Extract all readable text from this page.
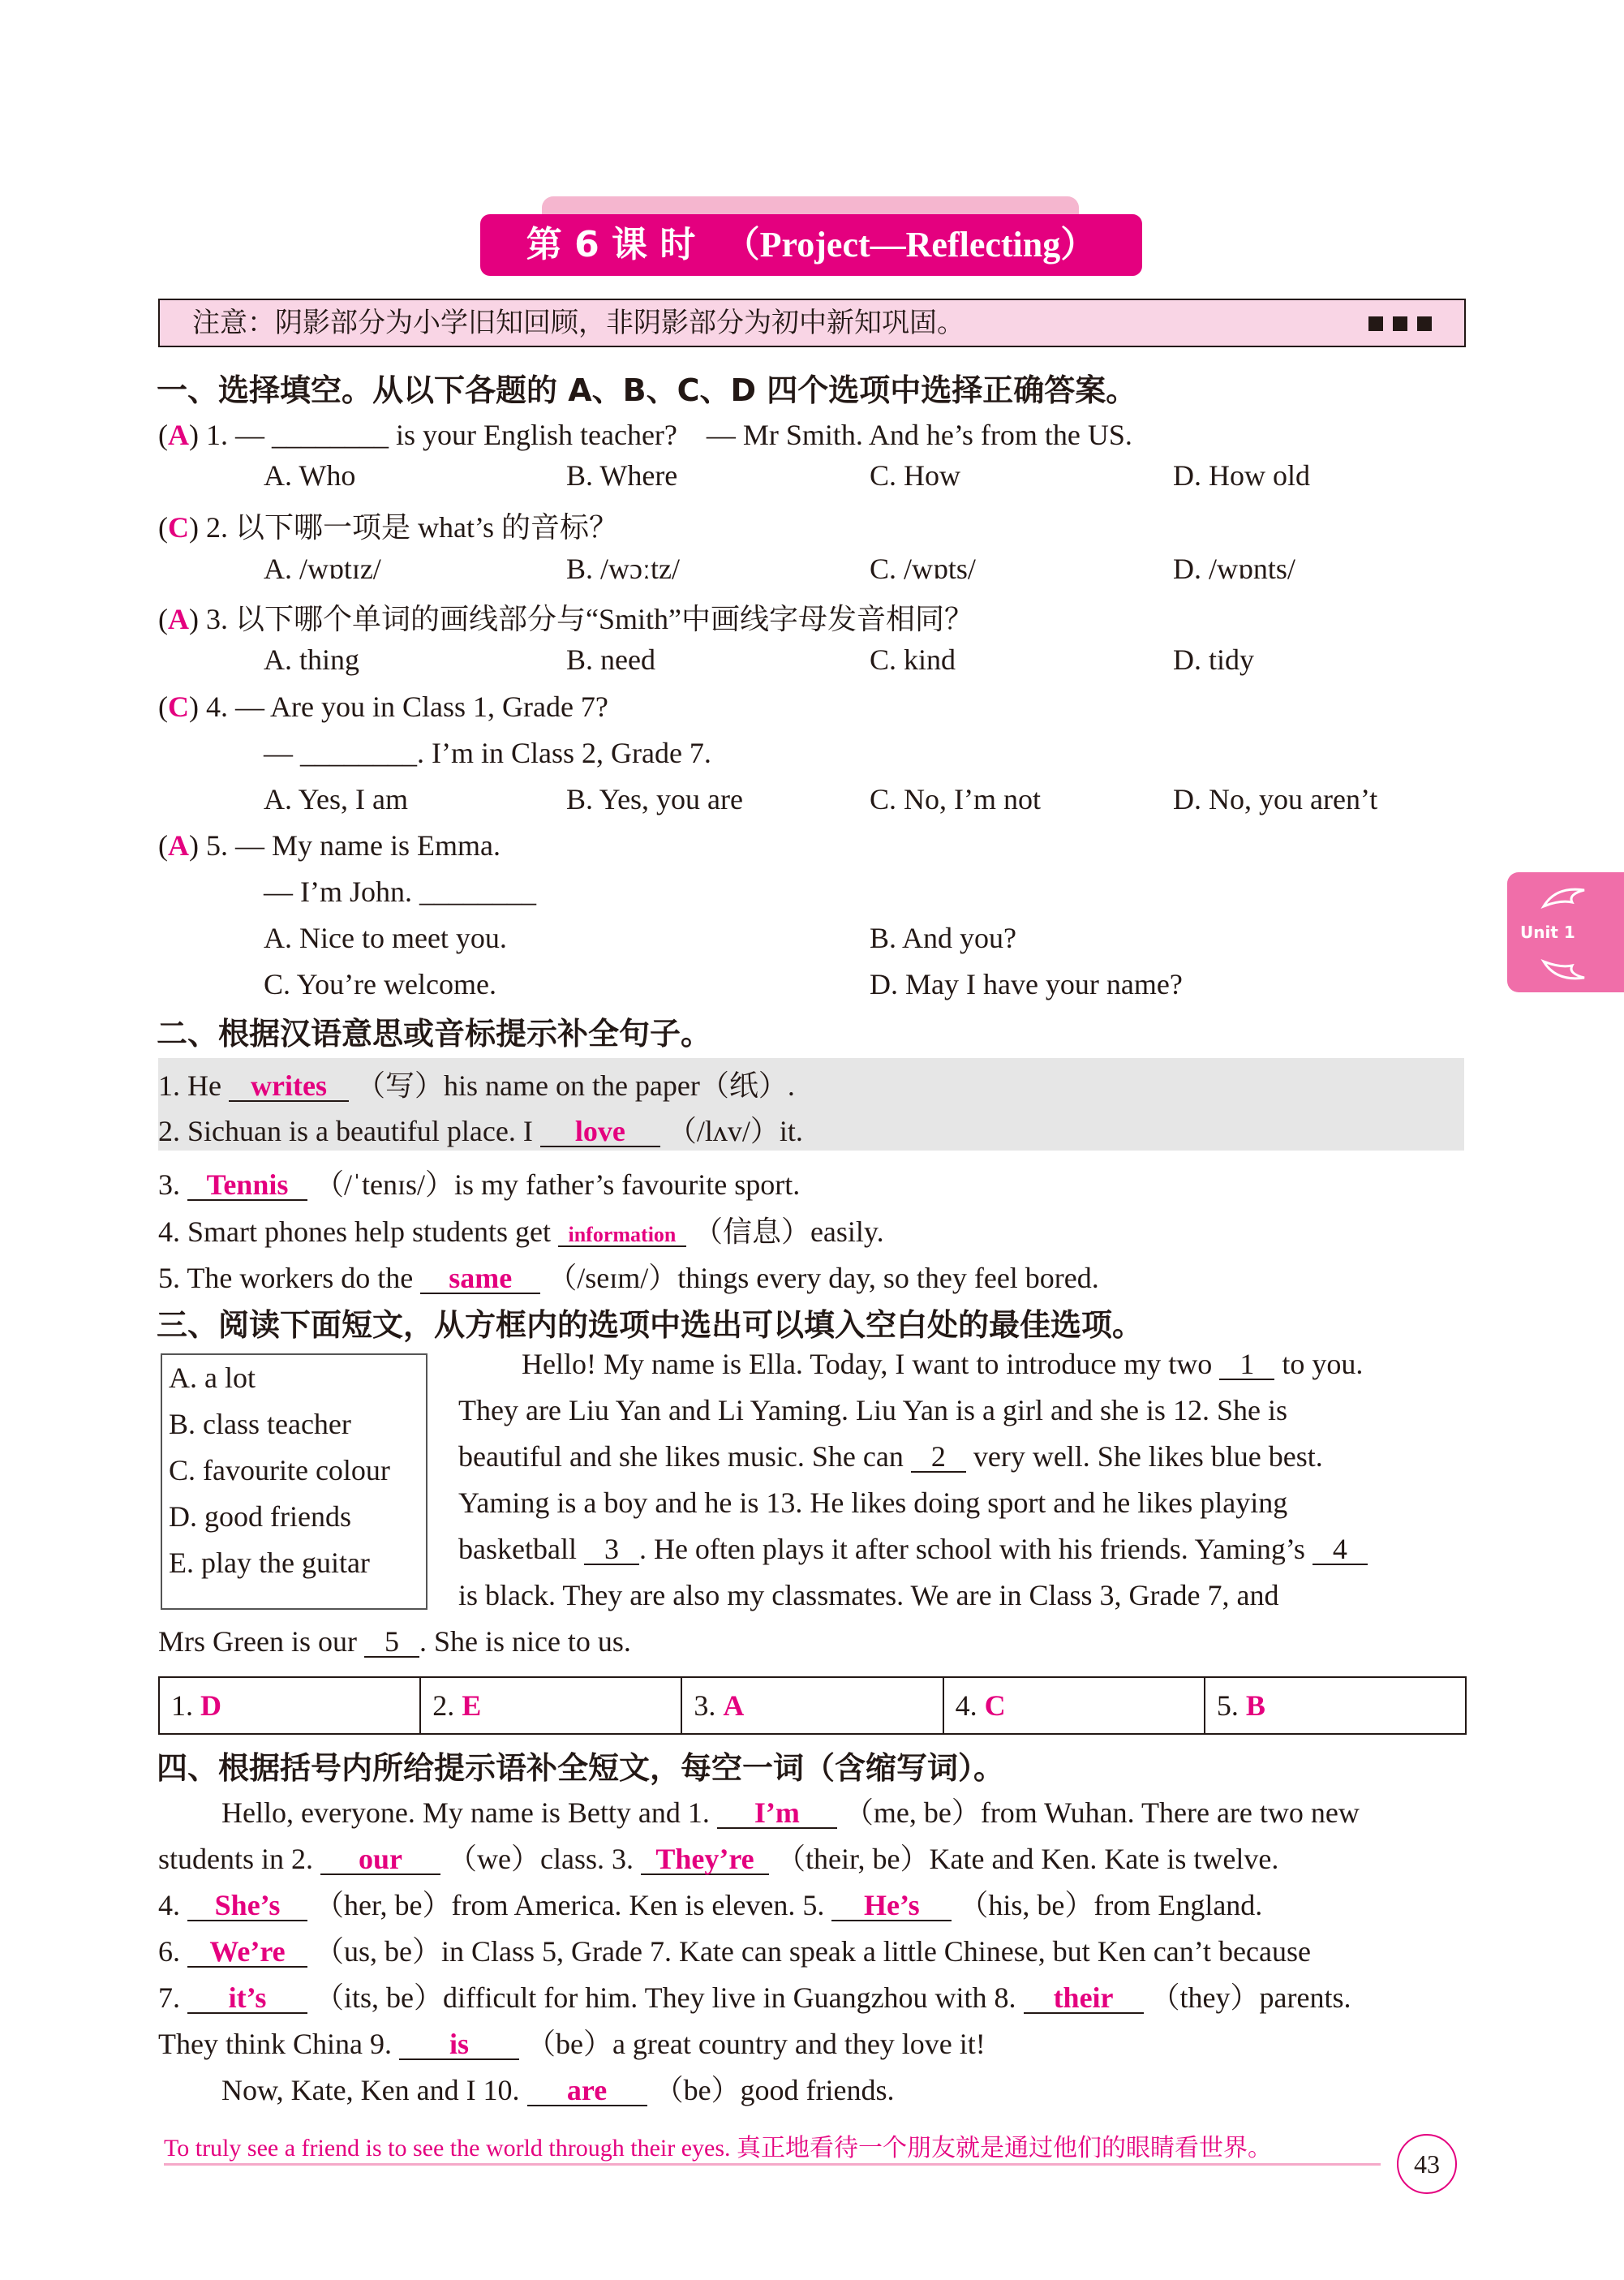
第 6 课 时 （Project—Reflecting）
注意：阴影部分为小学旧知回顾，非阴影部分为初中新知巩固。
一、选择填空。从以下各题的 A、B、C、D 四个选项中选择正确答案。
(A) 1. — ________ is your English teacher?　— Mr Smith. And he’s from the US.
A. Who	B. Where	C. How	D. How old
(C) 2. 以下哪一项是 what’s 的音标？
A. /wɒtɪz/	B. /wɔːtz/	C. /wɒts/	D. /wɒnts/
(A) 3. 以下哪个单词的画线部分与“Smith”中画线字母发音相同？
A. thing	B. need	C. kind	D. tidy
(C) 4. — Are you in Class 1, Grade 7?
— ________. I’m in Class 2, Grade 7.
A. Yes, I am	B. Yes, you are	C. No, I’m not	D. No, you aren’t
(A) 5. — My name is Emma.
— I’m John. ________
A. Nice to meet you.	B. And you?
C. You’re welcome.	D. May I have your name?
二、根据汉语意思或音标提示补全句子。
1. He writes （写）his name on the paper（纸）.
2. Sichuan is a beautiful place. I love （/lʌv/）it.
3. Tennis （/ˈtenɪs/）is my father’s favourite sport.
4. Smart phones help students get information （信息）easily.
5. The workers do the same （/seɪm/）things every day, so they feel bored.
三、阅读下面短文，从方框内的选项中选出可以填入空白处的最佳选项。
A. a lot
B. class teacher
C. favourite colour
D. good friends
E. play the guitar
Hello! My name is Ella. Today, I want to introduce my two 1 to you.
They are Liu Yan and Li Yaming. Liu Yan is a girl and she is 12. She is
beautiful and she likes music. She can 2 very well. She likes blue best.
Yaming is a boy and he is 13. He likes doing sport and he likes playing
basketball 3 . He often plays it after school with his friends. Yaming’s 4
is black. They are also my classmates. We are in Class 3, Grade 7, and
Mrs Green is our 5 . She is nice to us.
1. D	2. E	3. A	4. C	5. B
四、根据括号内所给提示语补全短文，每空一词（含缩写词）。
Hello, everyone. My name is Betty and 1. I’m （me, be）from Wuhan. There are two new
students in 2. our （we）class. 3. They’re （their, be）Kate and Ken. Kate is twelve.
4. She’s （her, be）from America. Ken is eleven. 5. He’s （his, be）from England.
6. We’re （us, be）in Class 5, Grade 7. Kate can speak a little Chinese, but Ken can’t because
7. it’s （its, be）difficult for him. They live in Guangzhou with 8. their （they）parents.
They think China 9. is （be）a great country and they love it!
Now, Kate, Ken and I 10. are （be）good friends.
Unit 1
To truly see a friend is to see the world through their eyes. 真正地看待一个朋友就是通过他们的眼睛看世界。
43
